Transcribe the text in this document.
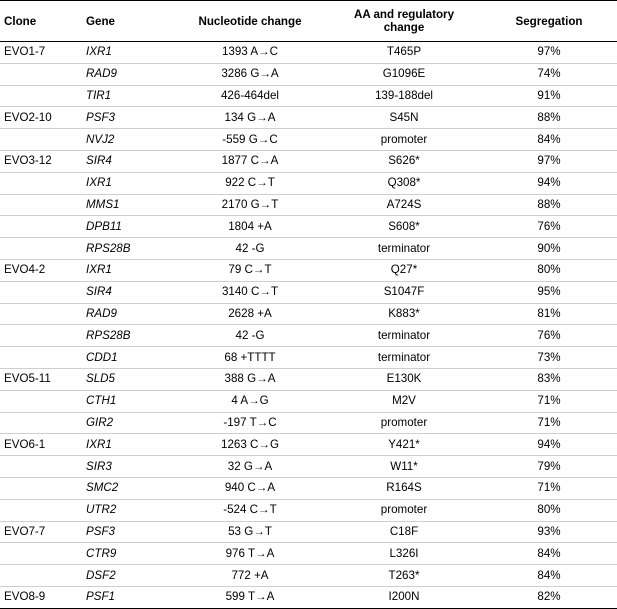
Clone	Gene	Nucleotide change	AA and regulatory change	Segregation
EVO1-7	IXR1	1393 A→C	T465P	97%
	RAD9	3286 G→A	G1096E	74%
	TIR1	426-464del	139-188del	91%
EVO2-10	PSF3	134 G→A	S45N	88%
	NVJ2	-559 G→C	promoter	84%
EVO3-12	SIR4	1877 C→A	S626*	97%
	IXR1	922 C→T	Q308*	94%
	MMS1	2170 G→T	A724S	88%
	DPB11	1804 +A	S608*	76%
	RPS28B	42 -G	terminator	90%
EVO4-2	IXR1	79 C→T	Q27*	80%
	SIR4	3140 C→T	S1047F	95%
	RAD9	2628 +A	K883*	81%
	RPS28B	42 -G	terminator	76%
	CDD1	68 +TTTT	terminator	73%
EVO5-11	SLD5	388 G→A	E130K	83%
	CTH1	4 A→G	M2V	71%
	GIR2	-197 T→C	promoter	71%
EVO6-1	IXR1	1263 C→G	Y421*	94%
	SIR3	32 G→A	W11*	79%
	SMC2	940 C→A	R164S	71%
	UTR2	-524 C→T	promoter	80%
EVO7-7	PSF3	53 G→T	C18F	93%
	CTR9	976 T→A	L326I	84%
	DSF2	772 +A	T263*	84%
EVO8-9	PSF1	599 T→A	I200N	82%
